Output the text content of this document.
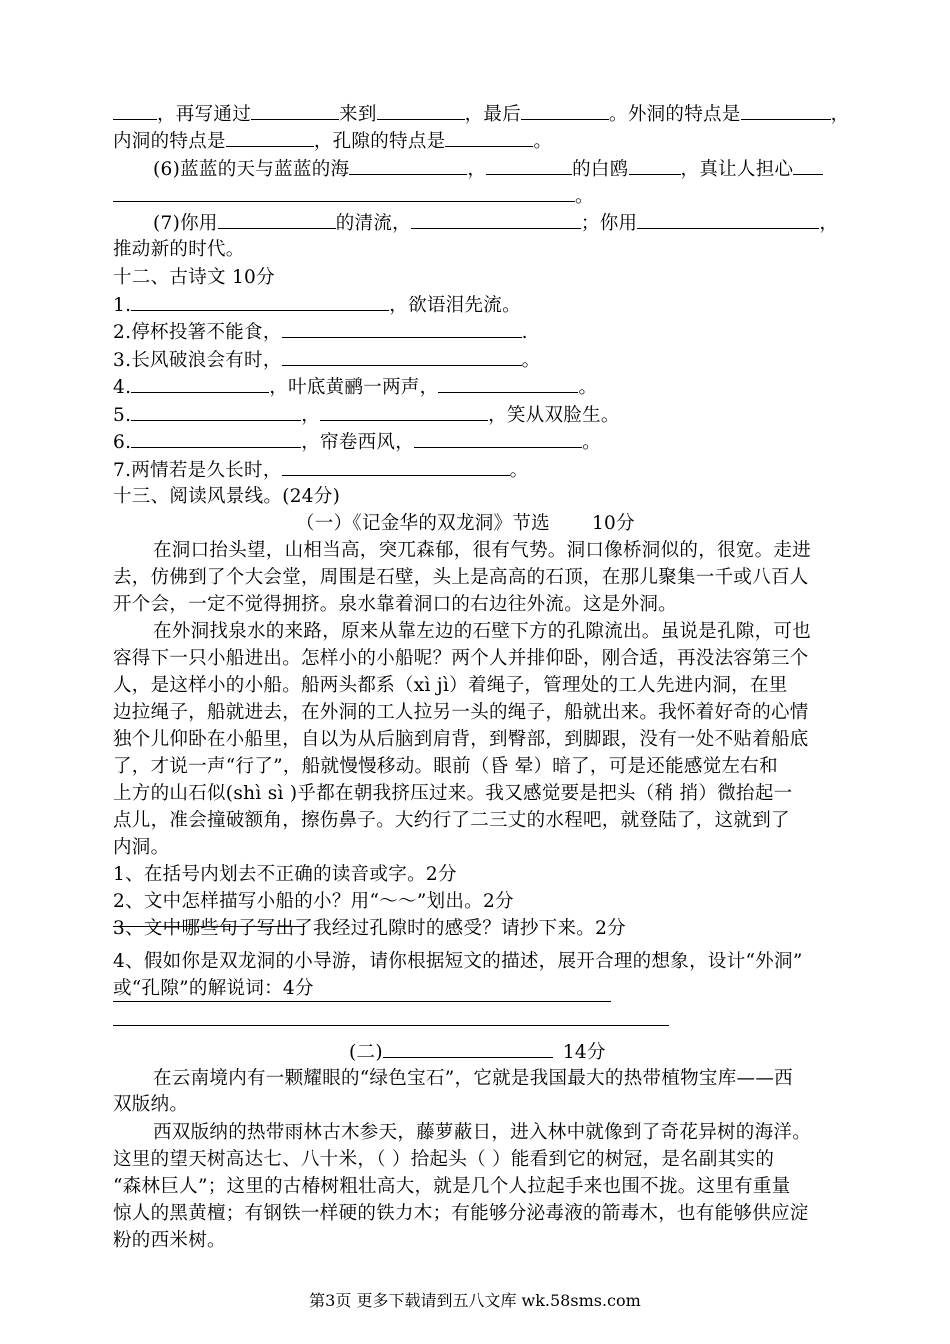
，再写通过	来到	，最后	。外洞的特点是	，
内洞的特点是	，孔隙的特点是	。
(6)蓝蓝的天与蓝蓝的海	，	的白鸥	，真让人担心
。
(7)你用	的清流，	；你用	，
推动新的时代。
十二、古诗文 10分
1.	，欲语泪先流。
2.停杯投箸不能食，	.
3.长风破浪会有时，	。
4.	，叶底黄鹂一两声，	。
5.	，	，笑从双脸生。
6.	，帘卷西风，	。
7.两情若是久长时，	。
十三、阅读风景线。(24分)
（一）《记金华的双龙洞》节选 10分
在洞口抬头望，山相当高，突兀森郁，很有气势。洞口像桥洞似的，很宽。走进
去，仿佛到了个大会堂，周围是石壁，头上是高高的石顶，在那儿聚集一千或八百人
开个会，一定不觉得拥挤。泉水靠着洞口的右边往外流。这是外洞。
在外洞找泉水的来路，原来从靠左边的石壁下方的孔隙流出。虽说是孔隙，可也
容得下一只小船进出。怎样小的小船呢？两个人并排仰卧，刚合适，再没法容第三个
人，是这样小的小船。船两头都系（xì jì）着绳子，管理处的工人先进内洞，在里
边拉绳子，船就进去，在外洞的工人拉另一头的绳子，船就出来。我怀着好奇的心情
独个儿仰卧在小船里，自以为从后脑到肩背，到臀部，到脚跟，没有一处不贴着船底
了，才说一声“行了”，船就慢慢移动。眼前（昏 晕）暗了，可是还能感觉左右和
上方的山石似(shì sì )乎都在朝我挤压过来。我又感觉要是把头（稍 捎）微抬起一
点儿，准会撞破额角，擦伤鼻子。大约行了二三丈的水程吧，就登陆了，这就到了
内洞。
1、在括号内划去不正确的读音或字。2分
2、文中怎样描写小船的小？用“～～”划出。2分
3、文中哪些句子写出了我经过孔隙时的感受？请抄下来。2分
4、假如你是双龙洞的小导游，请你根据短文的描述，展开合理的想象，设计“外洞”
或“孔隙”的解说词：4分
(二)	14分
在云南境内有一颗耀眼的“绿色宝石”，它就是我国最大的热带植物宝库——西
双版纳。
西双版纳的热带雨林古木参天，藤萝蔽日，进入林中就像到了奇花异树的海洋。
这里的望天树高达七、八十米，（ ）拾起头（ ）能看到它的树冠，是名副其实的
“森林巨人”；这里的古椿树粗壮高大，就是几个人拉起手来也围不拢。这里有重量
惊人的黑黄檀；有钢铁一样硬的铁力木；有能够分泌毒液的箭毒木，也有能够供应淀
粉的西米树。
第3页 更多下载请到五八文库 wk.58sms.com
